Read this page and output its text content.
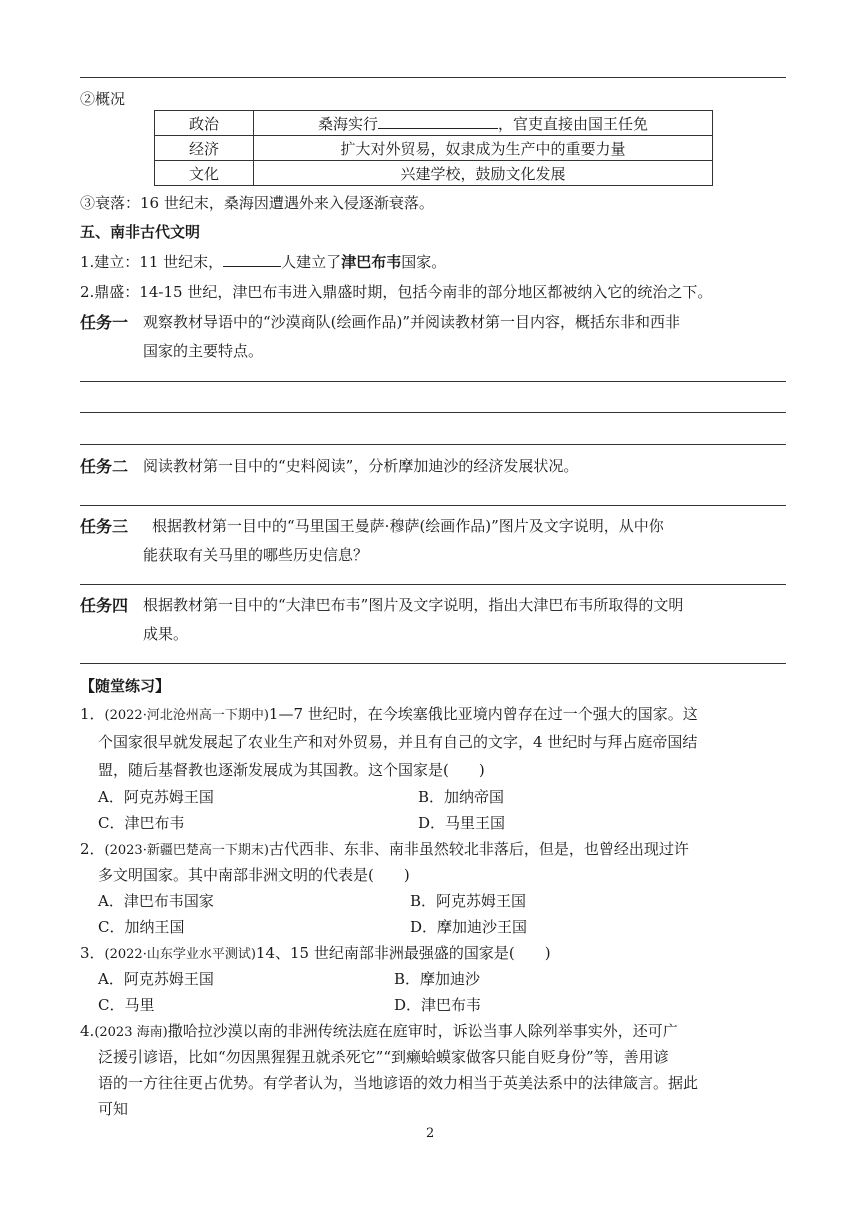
②概况
政治	桑海实行 ，官吏直接由国王任免
经济	扩大对外贸易，奴隶成为生产中的重要力量
文化	兴建学校，鼓励文化发展
③衰落：16 世纪末，桑海因遭遇外来入侵逐渐衰落。
五、南非古代文明
1.建立：11 世纪末，	人建立了津巴布韦国家。
2.鼎盛：14-15 世纪，津巴布韦进入鼎盛时期，包括今南非的部分地区都被纳入它的统治之下。
任务一 观察教材导语中的“沙漠商队(绘画作品)”并阅读教材第一目内容，概括东非和西非
国家的主要特点。
任务二 阅读教材第一目中的“史料阅读”，分析摩加迪沙的经济发展状况。
任务三 根据教材第一目中的“马里国王曼萨·穆萨(绘画作品)”图片及文字说明，从中你
能获取有关马里的哪些历史信息？
任务四 根据教材第一目中的“大津巴布韦”图片及文字说明，指出大津巴布韦所取得的文明
成果。
【随堂练习】
1．(2022·河北沧州高一下期中)1—7 世纪时，在今埃塞俄比亚境内曾存在过一个强大的国家。这
个国家很早就发展起了农业生产和对外贸易，并且有自己的文字，4 世纪时与拜占庭帝国结
盟，随后基督教也逐渐发展成为其国教。这个国家是(　　)
A．阿克苏姆王国	B．加纳帝国
C．津巴布韦	D．马里王国
2．(2023·新疆巴楚高一下期末)古代西非、东非、南非虽然较北非落后，但是，也曾经出现过许
多文明国家。其中南部非洲文明的代表是(　　)
A．津巴布韦国家	B．阿克苏姆王国
C．加纳王国	D．摩加迪沙王国
3．(2022·山东学业水平测试)14、15 世纪南部非洲最强盛的国家是(　　)
A．阿克苏姆王国	B．摩加迪沙
C．马里	D．津巴布韦
4.(2023 海南)撒哈拉沙漠以南的非洲传统法庭在庭审时，诉讼当事人除列举事实外，还可广
泛援引谚语，比如“勿因黑猩猩丑就杀死它”“到癞蛤蟆家做客只能自贬身份”等，善用谚
语的一方往往更占优势。有学者认为，当地谚语的效力相当于英美法系中的法律箴言。据此
可知
2
